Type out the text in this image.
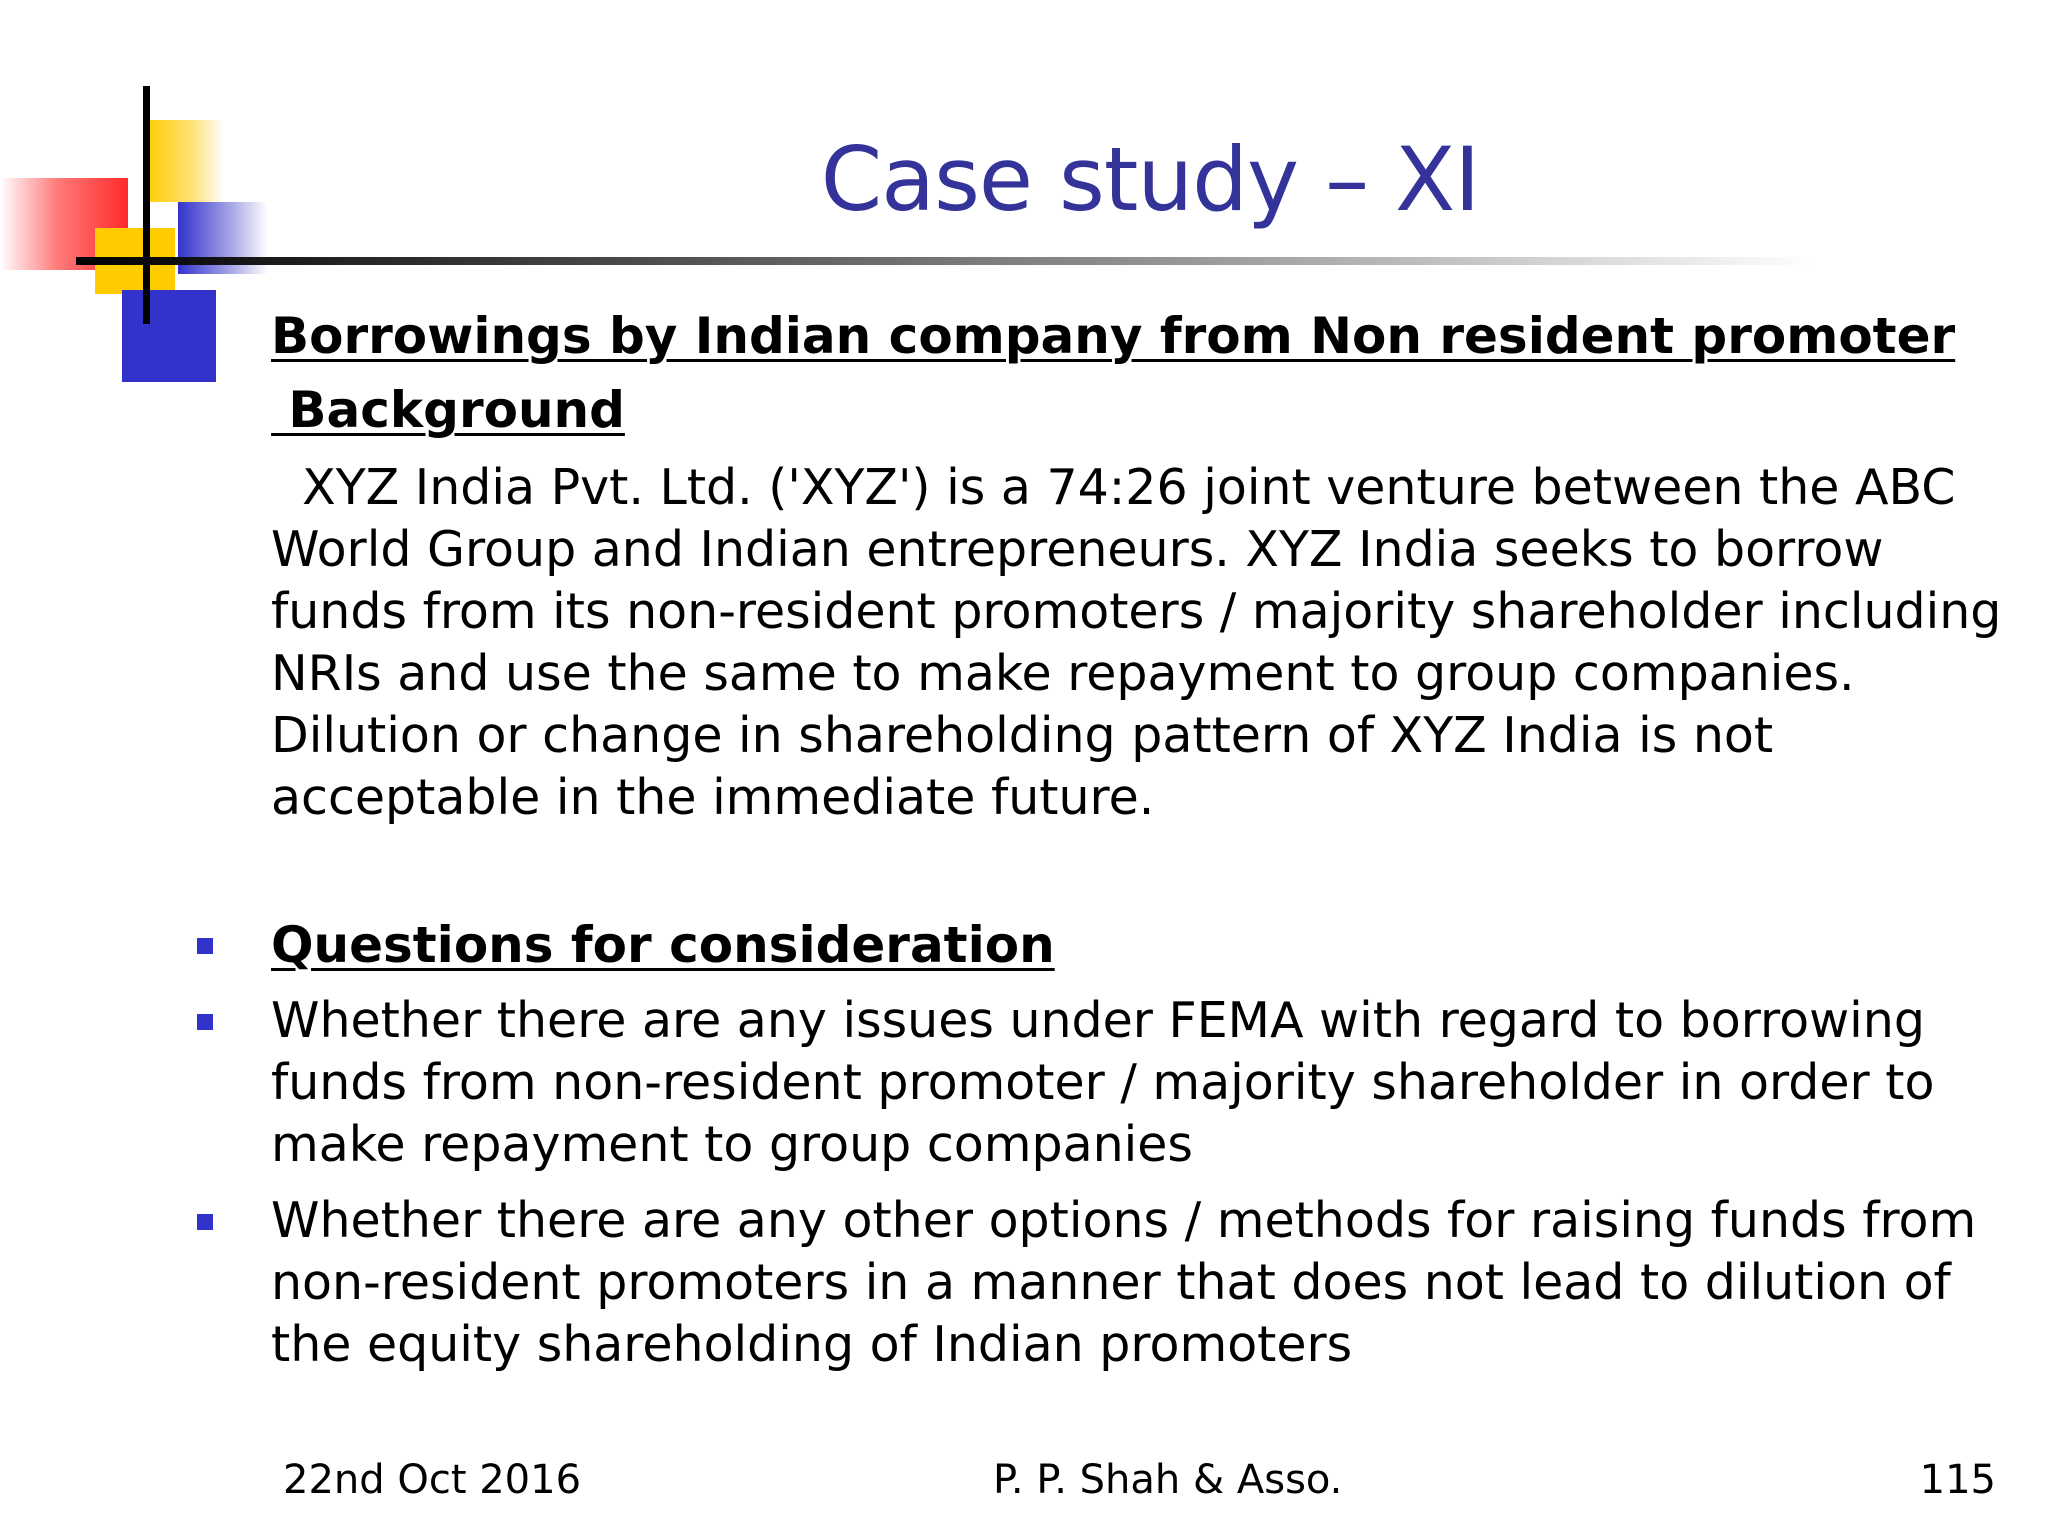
Case study – XI
Borrowings by Indian company from Non resident promoter
Background
XYZ India Pvt. Ltd. ('XYZ') is a 74:26 joint venture between the ABC World Group and Indian entrepreneurs. XYZ India seeks to borrow funds from its non-resident promoters / majority shareholder including NRIs and use the same to make repayment to group companies. Dilution or change in shareholding pattern of XYZ India is not acceptable in the immediate future.
Questions for consideration
Whether there are any issues under FEMA with regard to borrowing funds from non-resident promoter / majority shareholder in order to make repayment to group companies
Whether there are any other options / methods for raising funds from non-resident promoters in a manner that does not lead to dilution of the equity shareholding of Indian promoters
22nd Oct 2016	P. P. Shah & Asso.	115
